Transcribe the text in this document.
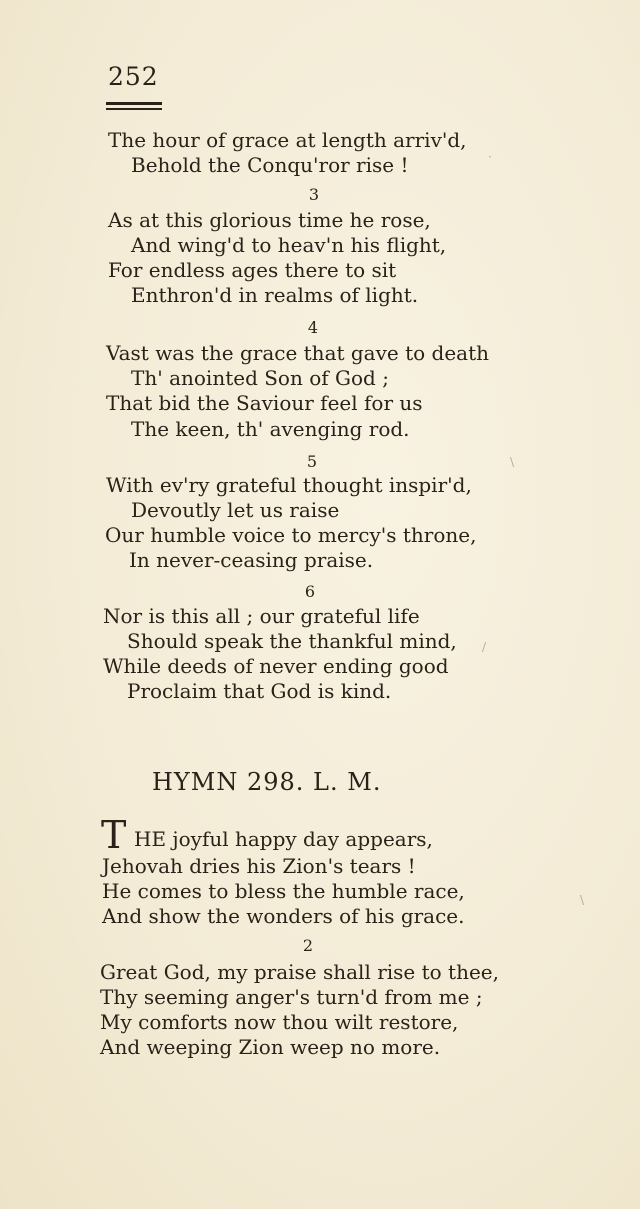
252
The hour of grace at length arriv'd,
Behold the Conqu'ror rise !
3
As at this glorious time he rose,
And wing'd to heav'n his flight,
For endless ages there to sit
Enthron'd in realms of light.
4
Vast was the grace that gave to death
Th' anointed Son of God ;
That bid the Saviour feel for us
The keen, th' avenging rod.
5
With ev'ry grateful thought inspir'd,
Devoutly let us raise
Our humble voice to mercy's throne,
In never-ceasing praise.
6
Nor is this all ; our grateful life
Should speak the thankful mind,
While deeds of never ending good
Proclaim that God is kind.
HYMN 298. L. M.
T HE joyful happy day appears,
Jehovah dries his Zion's tears !
He comes to bless the humble race,
And show the wonders of his grace.
2
Great God, my praise shall rise to thee,
Thy seeming anger's turn'd from me ;
My comforts now thou wilt restore,
And weeping Zion weep no more.
·
\
/
\
